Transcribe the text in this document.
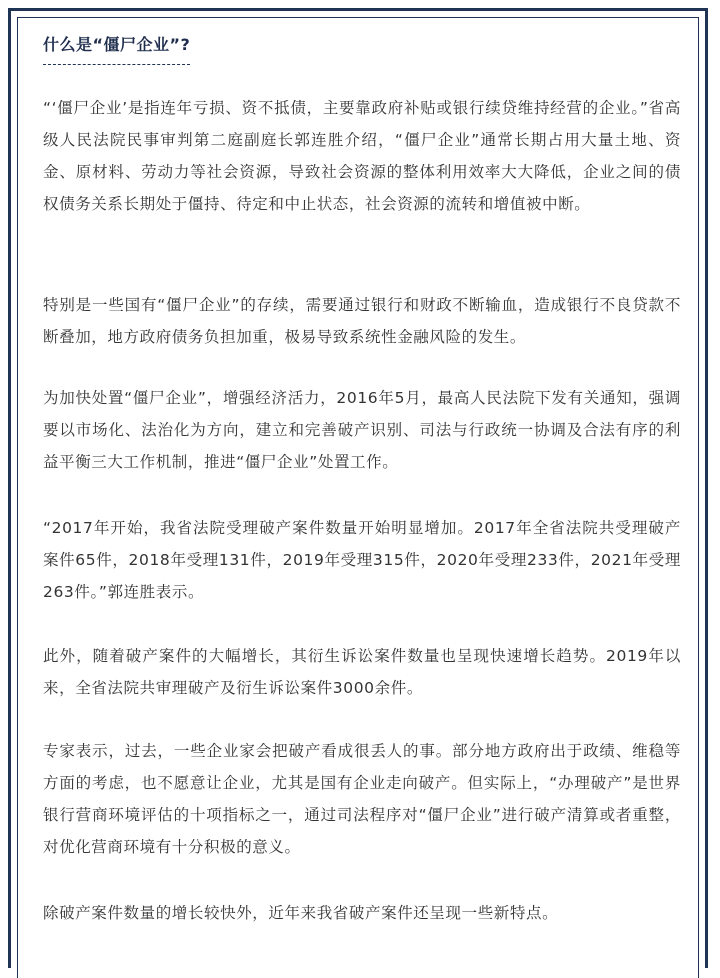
什么是“僵尸企业”?

“‘僵尸企业’是指连年亏损、资不抵债，主要靠政府补贴或银行续贷维持经营的企业。”省高级人民法院民事审判第二庭副庭长郭连胜介绍，“僵尸企业”通常长期占用大量土地、资金、原材料、劳动力等社会资源，导致社会资源的整体利用效率大大降低，企业之间的债权债务关系长期处于僵持、待定和中止状态，社会资源的流转和增值被中断。

特别是一些国有“僵尸企业”的存续，需要通过银行和财政不断输血，造成银行不良贷款不断叠加，地方政府债务负担加重，极易导致系统性金融风险的发生。

为加快处置“僵尸企业”，增强经济活力，2016年5月，最高人民法院下发有关通知，强调要以市场化、法治化为方向，建立和完善破产识别、司法与行政统一协调及合法有序的利益平衡三大工作机制，推进“僵尸企业”处置工作。

“2017年开始，我省法院受理破产案件数量开始明显增加。2017年全省法院共受理破产案件65件，2018年受理131件，2019年受理315件，2020年受理233件，2021年受理263件。”郭连胜表示。

此外，随着破产案件的大幅增长，其衍生诉讼案件数量也呈现快速增长趋势。2019年以来，全省法院共审理破产及衍生诉讼案件3000余件。

专家表示，过去，一些企业家会把破产看成很丢人的事。部分地方政府出于政绩、维稳等方面的考虑，也不愿意让企业，尤其是国有企业走向破产。但实际上，“办理破产”是世界银行营商环境评估的十项指标之一，通过司法程序对“僵尸企业”进行破产清算或者重整，对优化营商环境有十分积极的意义。

除破产案件数量的增长较快外，近年来我省破产案件还呈现一些新特点。
